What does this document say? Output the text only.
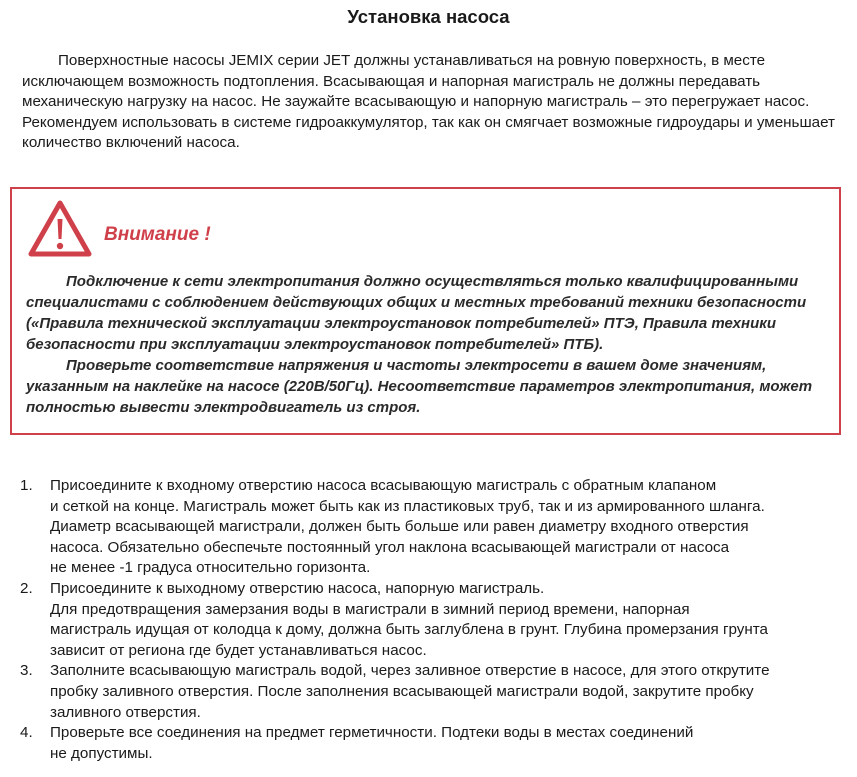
Установка насоса

Поверхностные насосы JEMIX серии JET должны устанавливаться на ровную поверхность, в месте исключающем возможность подтопления. Всасывающая и напорная магистраль не должны передавать механическую нагрузку на насос. Не заужайте всасывающую и напорную магистраль – это перегружает насос. Рекомендуем использовать в системе гидроаккумулятор, так как он смягчает возможные гидроудары и уменьшает количество включений насоса.

Внимание !

Подключение к сети электропитания должно осуществляться только квалифицированными специалистами с соблюдением действующих общих и местных требований техники безопасности («Правила технической эксплуатации электроустановок потребителей» ПТЭ, Правила техники безопасности при эксплуатации электроустановок потребителей» ПТБ).

Проверьте соответствие напряжения и частоты электросети в вашем доме значениям, указанным на наклейке на насосе (220В/50Гц). Несоответствие параметров электропитания, может полностью вывести электродвигатель из строя.

1. Присоедините к входному отверстию насоса всасывающую магистраль с обратным клапаном
и сеткой на конце. Магистраль может быть как из пластиковых труб, так и из армированного шланга.
Диаметр всасывающей магистрали, должен быть больше или равен диаметру входного отверстия
насоса. Обязательно обеспечьте постоянный угол наклона всасывающей магистрали от насоса
не менее -1 градуса относительно горизонта.
2. Присоедините к выходному отверстию насоса, напорную магистраль.
Для предотвращения замерзания воды в магистрали в зимний период времени, напорная
магистраль идущая от колодца к дому, должна быть заглублена в грунт. Глубина промерзания грунта
зависит от региона где будет устанавливаться насос.
3. Заполните всасывающую магистраль водой, через заливное отверстие в насосе, для этого открутите
пробку заливного отверстия. После заполнения всасывающей магистрали водой, закрутите пробку
заливного отверстия.
4. Проверьте все соединения на предмет герметичности. Подтеки воды в местах соединений
не допустимы.
